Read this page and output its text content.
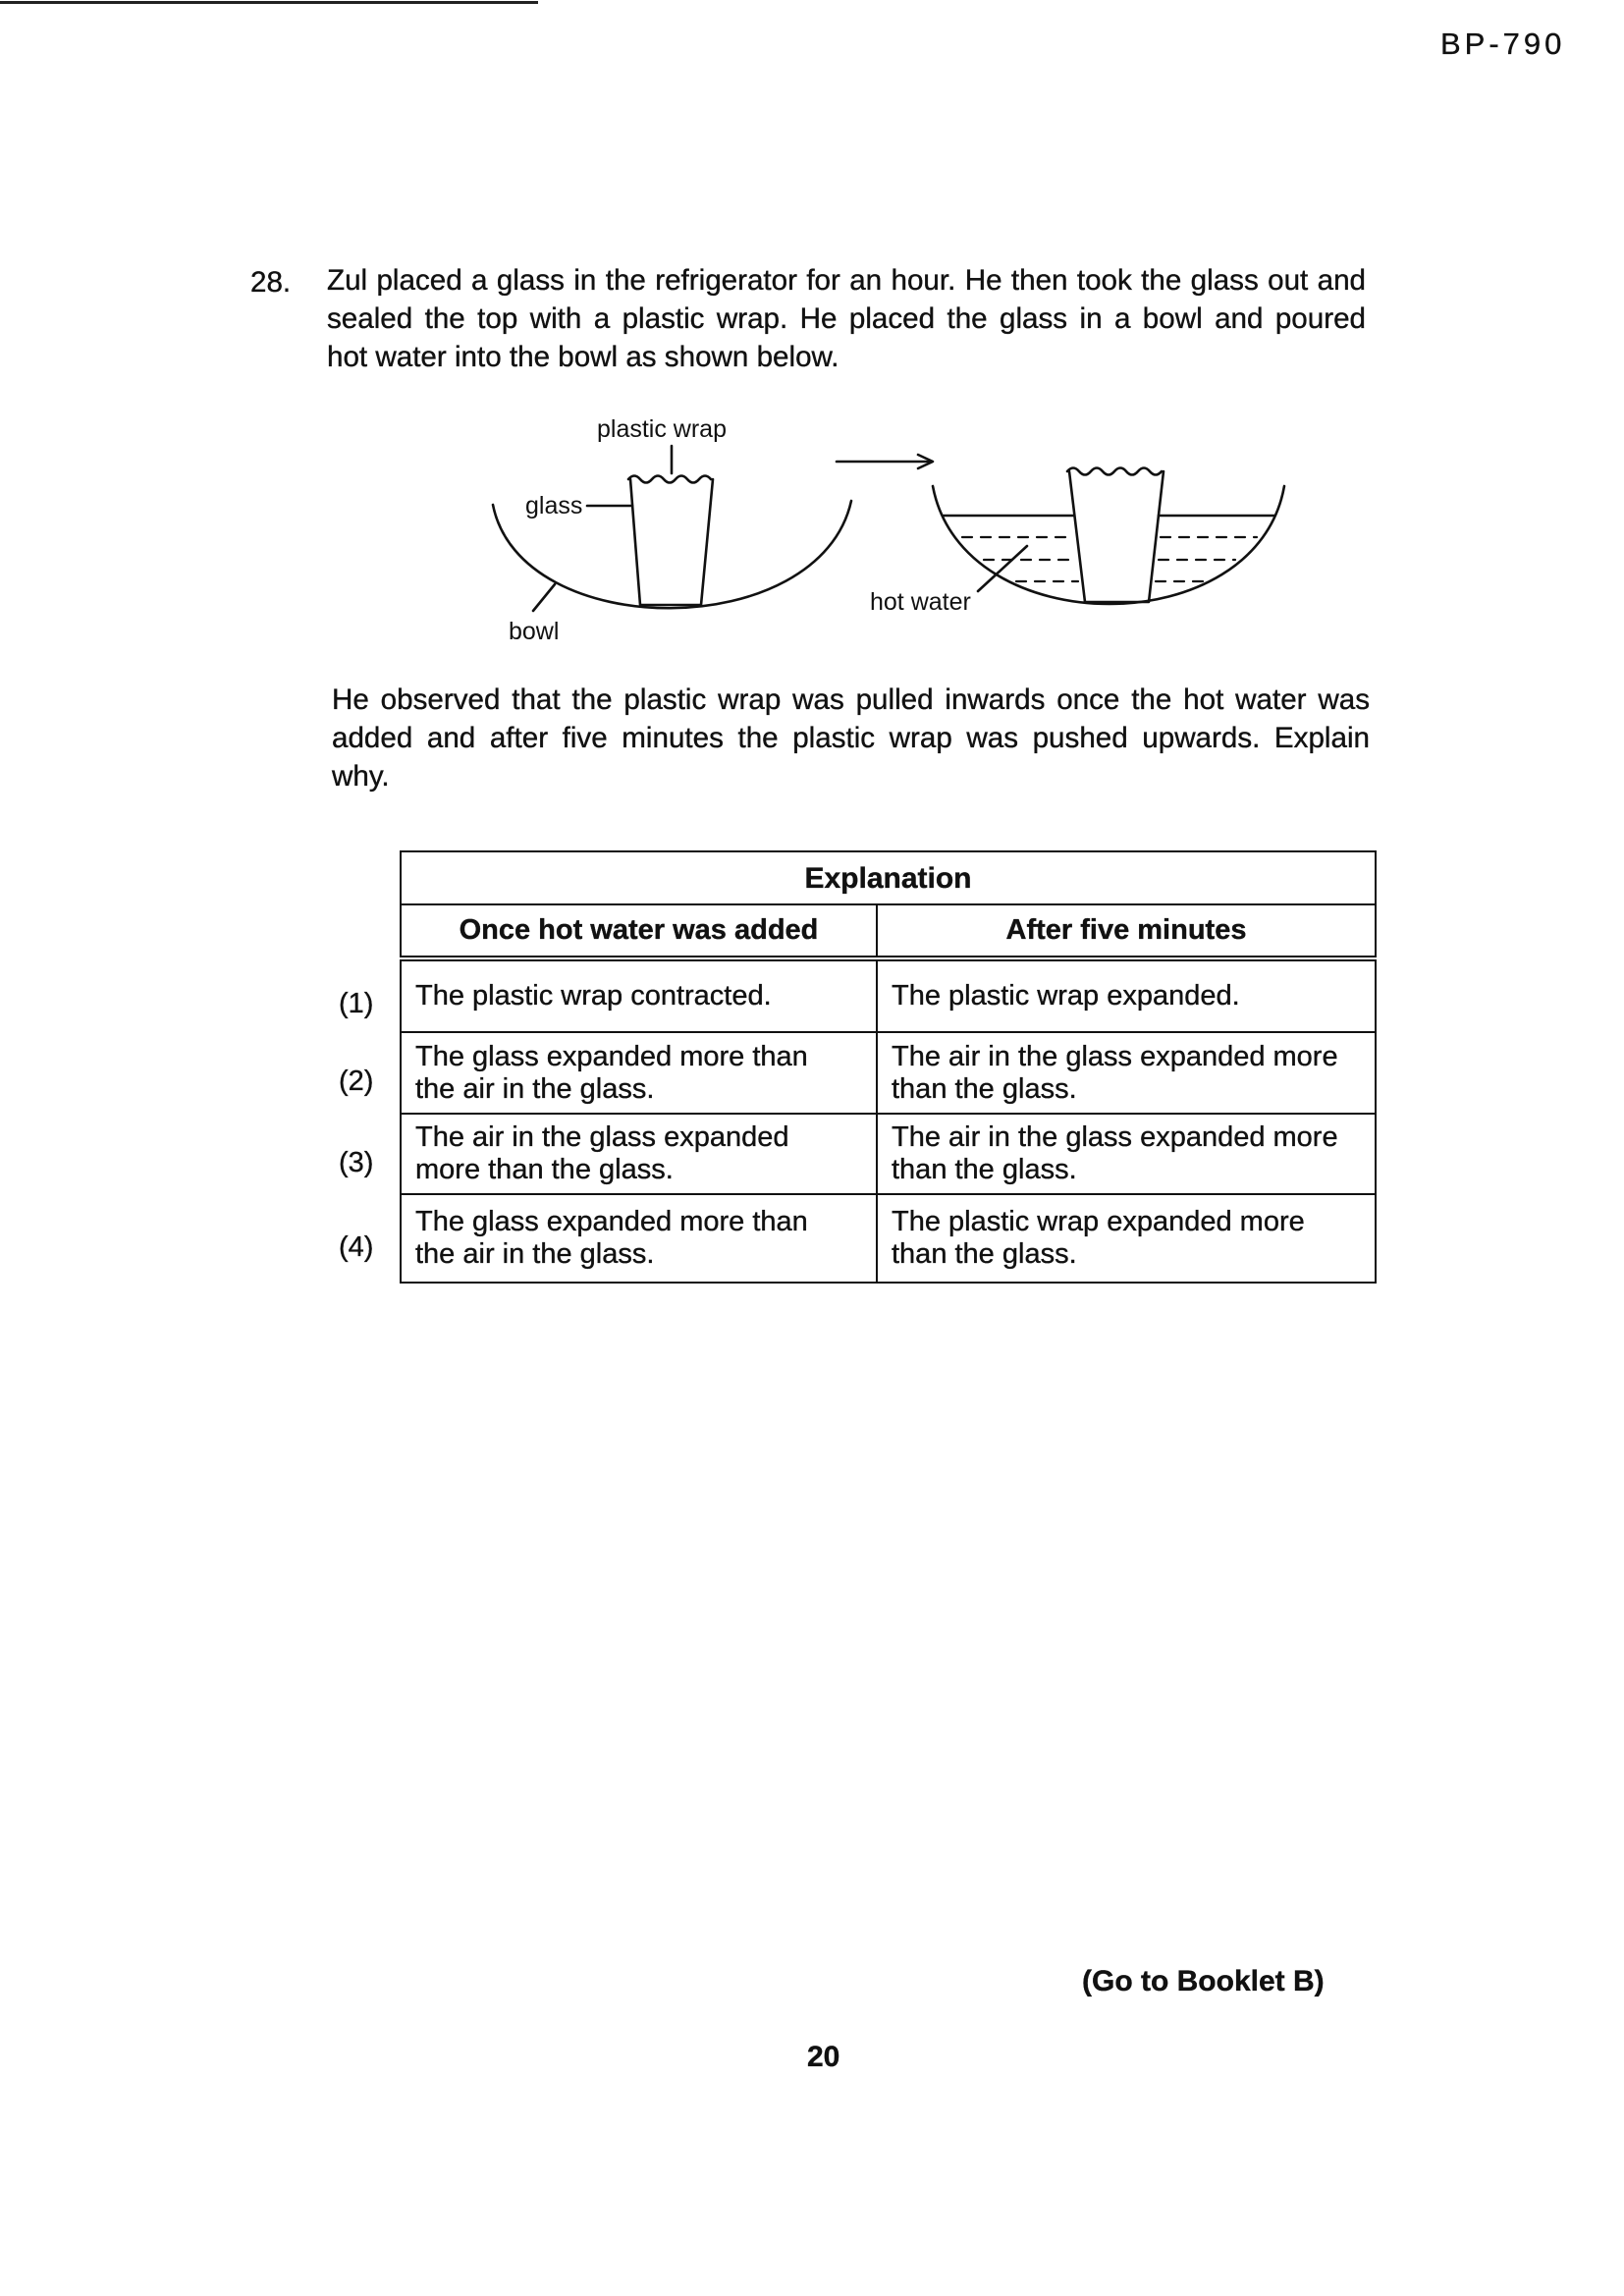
BP-790
28. Zul placed a glass in the refrigerator for an hour. He then took the glass out and
sealed the top with a plastic wrap. He placed the glass in a bowl and poured
hot water into the bowl as shown below.
plastic wrap
glass
bowl
hot water
He observed that the plastic wrap was pulled inwards once the hot water was
added and after five minutes the plastic wrap was pushed upwards. Explain
why.
	Explanation	
	Once hot water was added	After five minutes
(1)	The plastic wrap contracted.	The plastic wrap expanded.
(2)	The glass expanded more than the air in the glass.	The air in the glass expanded more than the glass.
(3)	The air in the glass expanded more than the glass.	The air in the glass expanded more than the glass.
(4)	The glass expanded more than the air in the glass.	The plastic wrap expanded more than the glass.
(Go to Booklet B)
20
